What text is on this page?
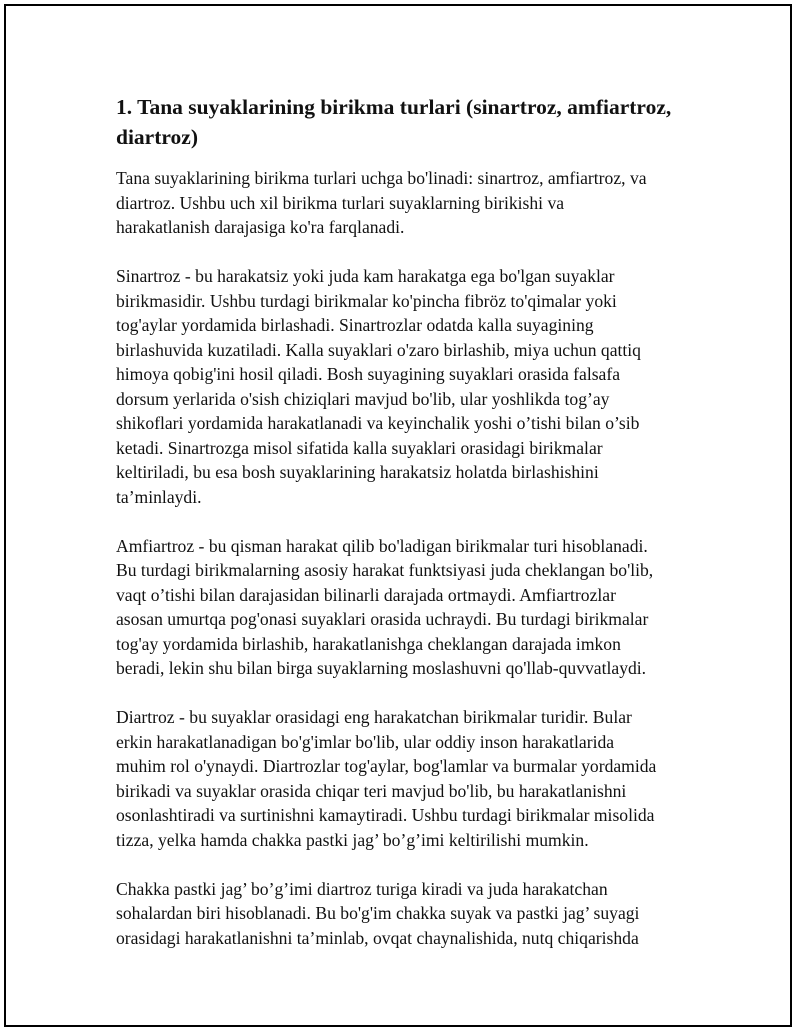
1. Tana suyaklarining birikma turlari (sinartroz, amfiartroz,
diartroz)

Tana suyaklarining birikma turlari uchga bo'linadi: sinartroz, amfiartroz, va
diartroz. Ushbu uch xil birikma turlari suyaklarning birikishi va
harakatlanish darajasiga ko'ra farqlanadi.

Sinartroz - bu harakatsiz yoki juda kam harakatga ega bo'lgan suyaklar
birikmasidir. Ushbu turdagi birikmalar ko'pincha fibröz to'qimalar yoki
tog'aylar yordamida birlashadi. Sinartrozlar odatda kalla suyagining
birlashuvida kuzatiladi. Kalla suyaklari o'zaro birlashib, miya uchun qattiq
himoya qobig'ini hosil qiladi. Bosh suyagining suyaklari orasida falsafa
dorsum yerlarida o'sish chiziqlari mavjud bo'lib, ular yoshlikda tog’ay
shikoflari yordamida harakatlanadi va keyinchalik yoshi o’tishi bilan o’sib
ketadi. Sinartrozga misol sifatida kalla suyaklari orasidagi birikmalar
keltiriladi, bu esa bosh suyaklarining harakatsiz holatda birlashishini
ta’minlaydi.

Amfiartroz - bu qisman harakat qilib bo'ladigan birikmalar turi hisoblanadi.
Bu turdagi birikmalarning asosiy harakat funktsiyasi juda cheklangan bo'lib,
vaqt o’tishi bilan darajasidan bilinarli darajada ortmaydi. Amfiartrozlar
asosan umurtqa pog'onasi suyaklari orasida uchraydi. Bu turdagi birikmalar
tog'ay yordamida birlashib, harakatlanishga cheklangan darajada imkon
beradi, lekin shu bilan birga suyaklarning moslashuvni qo'llab-quvvatlaydi.

Diartroz - bu suyaklar orasidagi eng harakatchan birikmalar turidir. Bular
erkin harakatlanadigan bo'g'imlar bo'lib, ular oddiy inson harakatlarida
muhim rol o'ynaydi. Diartrozlar tog'aylar, bog'lamlar va burmalar yordamida
birikadi va suyaklar orasida chiqar teri mavjud bo'lib, bu harakatlanishni
osonlashtiradi va surtinishni kamaytiradi. Ushbu turdagi birikmalar misolida
tizza, yelka hamda chakka pastki jag’ bo’g’imi keltirilishi mumkin.

Chakka pastki jag’ bo’g’imi diartroz turiga kiradi va juda harakatchan
sohalardan biri hisoblanadi. Bu bo'g'im chakka suyak va pastki jag’ suyagi
orasidagi harakatlanishni ta’minlab, ovqat chaynalishida, nutq chiqarishda
